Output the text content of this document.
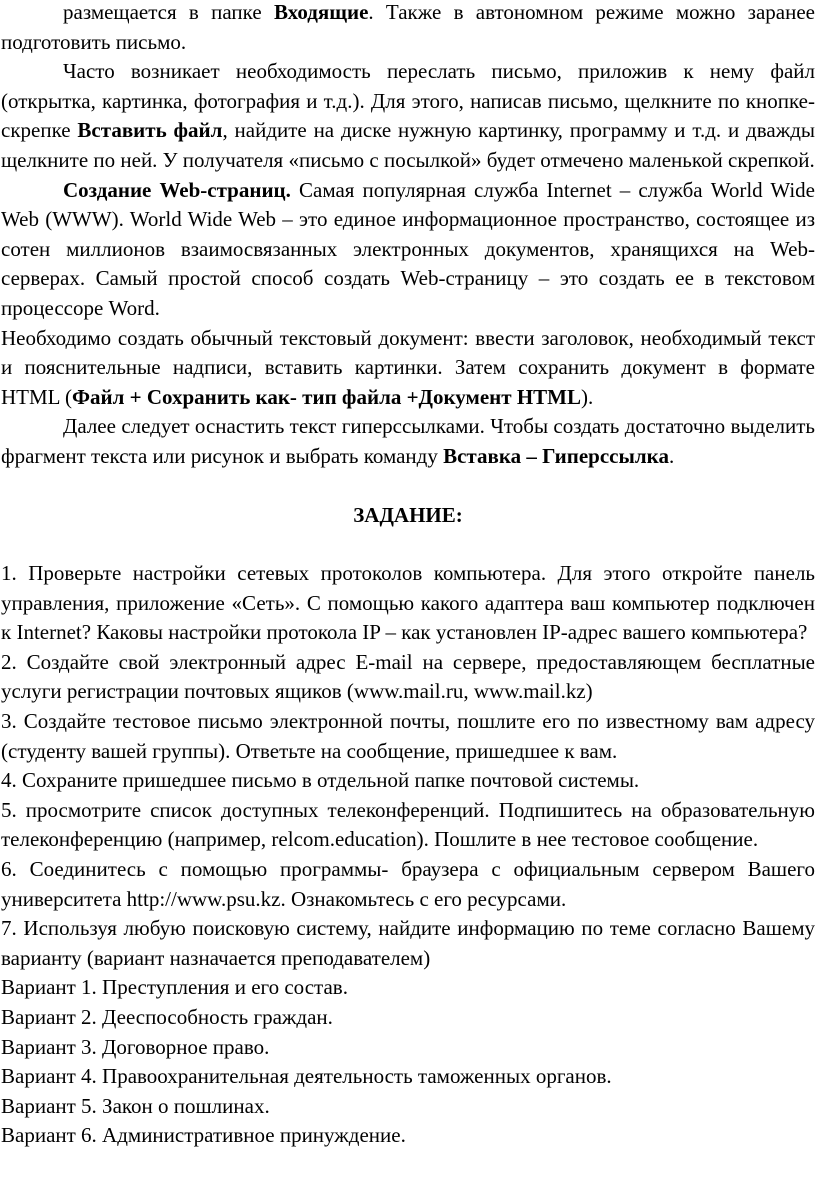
размещается в папке Входящие. Также в автономном режиме можно заранее подготовить письмо.

Часто возникает необходимость переслать письмо, приложив к нему файл (открытка, картинка, фотография и т.д.). Для этого, написав письмо, щелкните по кнопке-скрепке Вставить файл, найдите на диске нужную картинку, программу и т.д. и дважды щелкните по ней. У получателя «письмо с посылкой» будет отмечено маленькой скрепкой.

Создание Web-страниц. Самая популярная служба Internet – служба World Wide Web (WWW). World Wide Web – это единое информационное пространство, состоящее из сотен миллионов взаимосвязанных электронных документов, хранящихся на Web-серверах. Самый простой способ создать Web-страницу – это создать ее в текстовом процессоре Word.

Необходимо создать обычный текстовый документ: ввести заголовок, необходимый текст и пояснительные надписи, вставить картинки. Затем сохранить документ в формате HTML (Файл + Сохранить как- тип файла +Документ HTML).

Далее следует оснастить текст гиперссылками. Чтобы создать достаточно выделить фрагмент текста или рисунок и выбрать команду Вставка – Гиперссылка.

ЗАДАНИЕ:

1. Проверьте настройки сетевых протоколов компьютера. Для этого откройте панель управления, приложение «Сеть». С помощью какого адаптера ваш компьютер подключен к Internet? Каковы настройки протокола IP – как установлен IP-адрес вашего компьютера?

2. Создайте свой электронный адрес E-mail на сервере, предоставляющем бесплатные услуги регистрации почтовых ящиков (www.mail.ru, www.mail.kz)

3. Создайте тестовое письмо электронной почты, пошлите его по известному вам адресу (студенту вашей группы). Ответьте на сообщение, пришедшее к вам.

4. Сохраните пришедшее письмо в отдельной папке почтовой системы.

5. просмотрите список доступных телеконференций. Подпишитесь на образовательную телеконференцию (например, relcom.education). Пошлите в нее тестовое сообщение.

6. Соединитесь с помощью программы- браузера с официальным сервером Вашего университета http://www.psu.kz. Ознакомьтесь с его ресурсами.

7. Используя любую поисковую систему, найдите информацию по теме согласно Вашему варианту (вариант назначается преподавателем)

Вариант 1. Преступления и его состав.

Вариант 2. Дееспособность граждан.

Вариант 3. Договорное право.

Вариант 4. Правоохранительная деятельность таможенных органов.

Вариант 5. Закон о пошлинах.

Вариант 6. Административное принуждение.
